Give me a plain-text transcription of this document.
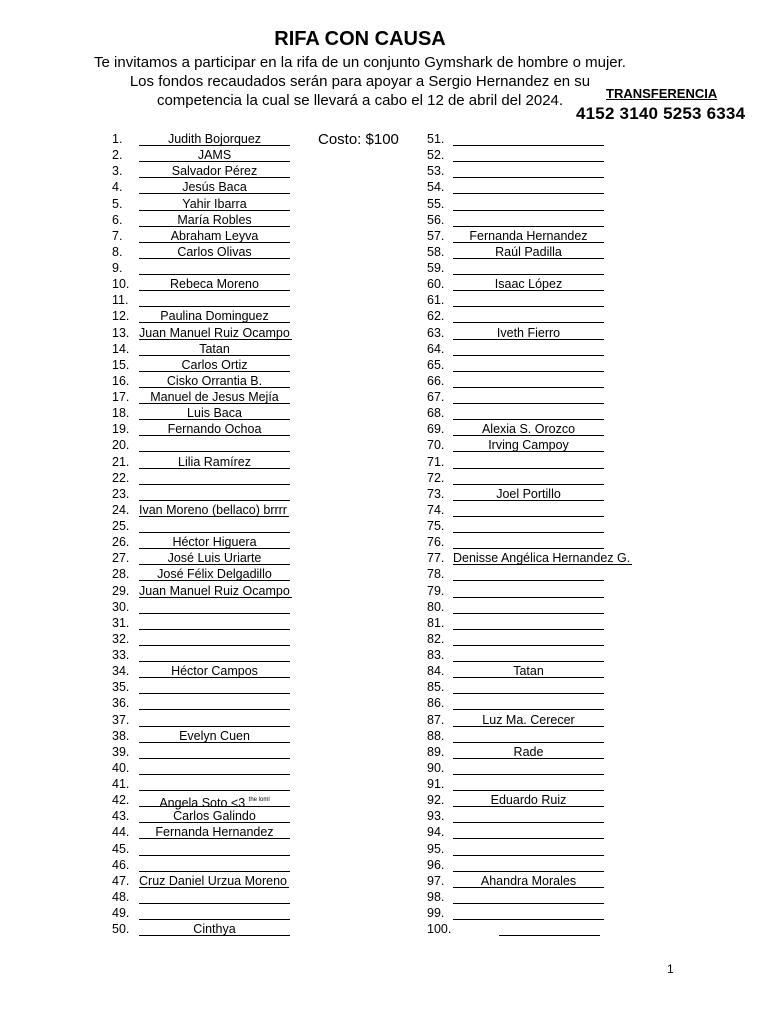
RIFA CON CAUSA
Te invitamos a participar en la rifa de un conjunto Gymshark de hombre o mujer.
Los fondos recaudados serán para apoyar a Sergio Hernandez en su
competencia la cual se llevará a cabo el 12 de abril del 2024.	TRANSFERENCIA
4152 3140 5253 6334
Costo: $100
1.	Judith Bojorquez
2.	JAMS
3.	Salvador Pérez
4.	Jesús Baca
5.	Yahir Ibarra
6.	María Robles
7.	Abraham Leyva
8.	Carlos Olivas
9.
10.	Rebeca Moreno
11.
12.	Paulina Dominguez
13. Juan Manuel Ruiz Ocampo
14.	Tatan
15.	Carlos Ortiz
16.	Cisko Orrantia B.
17.	Manuel de Jesus Mejía
18.	Luis Baca
19.	Fernando Ochoa
20.
21.	Lilia Ramírez
22.
23.
24. Ivan Moreno (bellaco) brrrr
25.
26.	Héctor Higuera
27.	José Luis Uriarte
28.	José Félix Delgadillo
29. Juan Manuel Ruiz Ocampo
30.
31.
32.
33.
34.	Héctor Campos
35.
36.
37.
38.	Evelyn Cuen
39.
40.
41.
42.	Angela Soto <3 $^{the loml}$
43.	Carlos Galindo
44.	Fernanda Hernandez
45.
46.
47. Cruz Daniel Urzua Moreno
48.
49.
50.	Cinthya
51.
52.
53.
54.
55.
56.
57.	Fernanda Hernandez
58.	Raúl Padilla
59.
60.	Isaac López
61.
62.
63.	Iveth Fierro
64.
65.
66.
67.
68.
69.	Alexia S. Orozco
70.	Irving Campoy
71.
72.
73.	Joel Portillo
74.
75.
76.
77. Denisse Angélica Hernandez G.
78.
79.
80.
81.
82.
83.
84.	Tatan
85.
86.
87.	Luz Ma. Cerecer
88.
89.	Rade
90.
91.
92.	Eduardo Ruiz
93.
94.
95.
96.
97.	Ahandra Morales
98.
99.
100.
1
